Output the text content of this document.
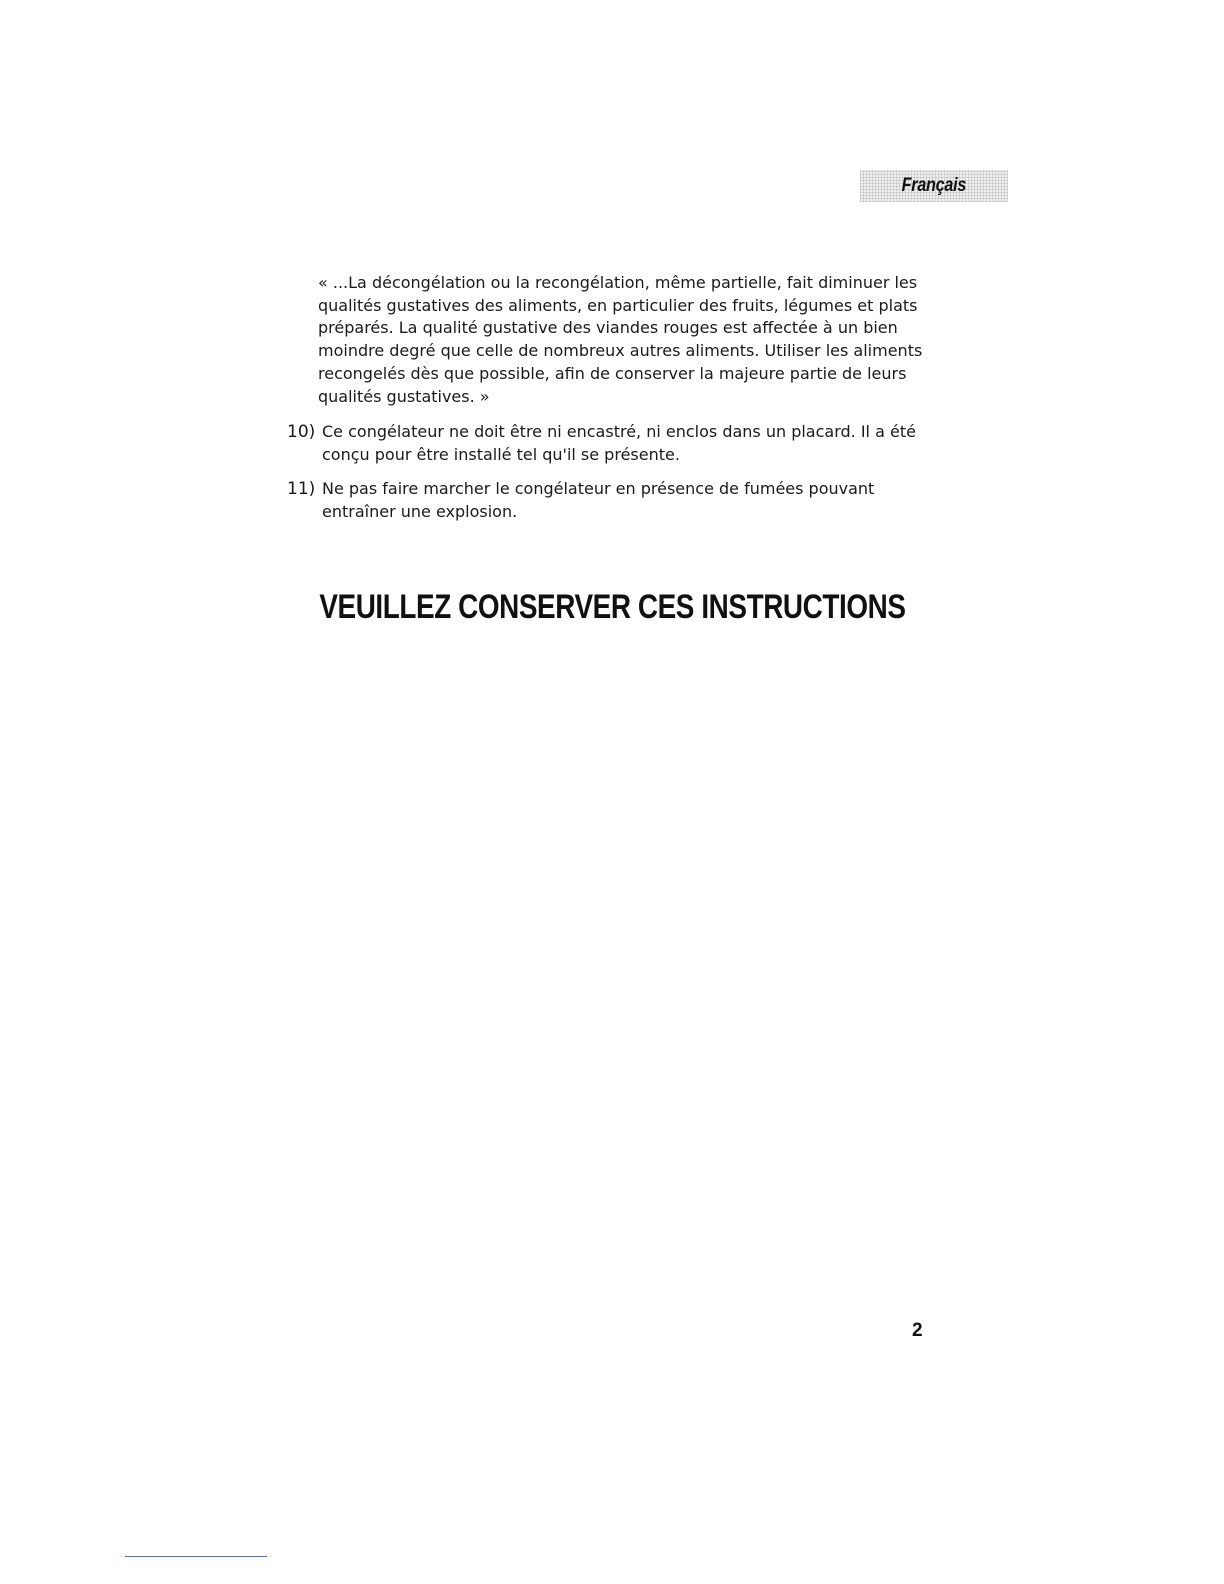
Français

« ...La décongélation ou la recongélation, même partielle, fait diminuer les qualités gustatives des aliments, en particulier des fruits, légumes et plats préparés. La qualité gustative des viandes rouges est affectée à un bien moindre degré que celle de nombreux autres aliments. Utiliser les aliments recongelés dès que possible, afin de conserver la majeure partie de leurs qualités gustatives. »

10) Ce congélateur ne doit être ni encastré, ni enclos dans un placard. Il a été conçu pour être installé tel qu'il se présente.
11) Ne pas faire marcher le congélateur en présence de fumées pouvant entraîner une explosion.
VEUILLEZ CONSERVER CES INSTRUCTIONS

2
